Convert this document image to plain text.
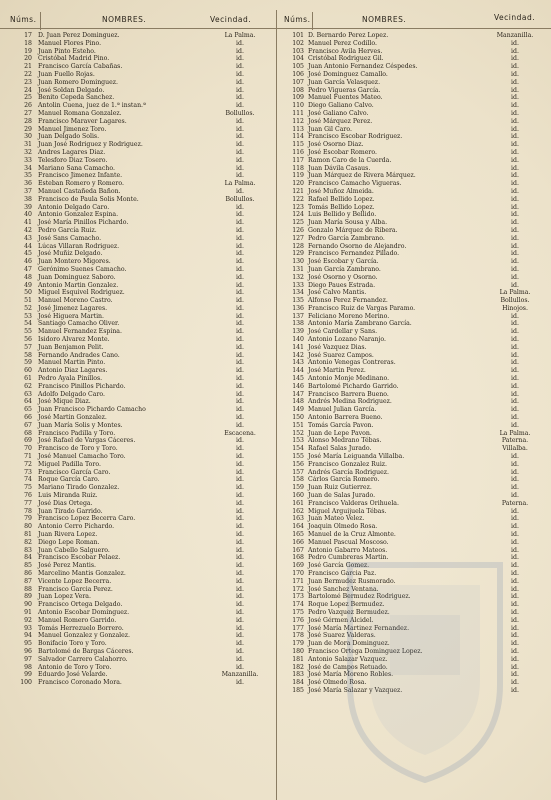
Núms.	NOMBRES.	Vecindad.
17 D. Juan Perez Dominguez.	La Palma.
18 Manuel Flores Pino.	id.
19 Juan Pinto Esteho.	id.
20 Cristóbal Madrid Pino.	id.
21 Francisco García Cabañas.	id.
22 Juan Fuello Rojas.	id.
23 Juan Romero Dominguez.	id.
24 José Soldan Delgado.	id.
25 Benito Cepeda Sanchez.	id.
26 Antolin Cuena, juez de 1.ª instan.ª	id.
27 Manuel Romana Gonzalez.	Bollullos.
28 Francisco Maraver Lagares.	id.
29 Manuel Jimenez Toro.	id.
30 Juan Delgado Solis.	id.
31 Juan José Rodriguez y Rodriguez.	id.
32 Andres Lagares Diaz.	id.
33 Telesforo Diaz Tosero.	id.
34 Mariano Sana Camacho.	id.
35 Francisco Jimenez Infante.	id.
36 Esteban Romero y Romero.	La Palma.
37 Manuel Castañeda Bañon.	id.
38 Francisco de Paula Solis Monte.	Bollullos.
39 Antonio Delgado Caro.	id.
40 Antonio Gonzalez Espina.	id.
41 José María Pinillos Pichardo.	id.
42 Pedro García Ruiz.	id.
43 José Sans Camacho.	id.
44 Lúcas Villaran Rodriguez.	id.
45 José Muñiz Delgado.	id.
46 Juan Montero Migores.	id.
47 Gerónimo Suenes Camacho.	id.
48 Juan Dominguez Saboro.	id.
49 Antonio Martin Gonzalez.	id.
50 Miguel Esquivel Rodriguez.	id.
51 Manuel Moreno Castro.	id.
52 José Jimenez Lagares.	id.
53 José Higuera Martin.	id.
54 Santiago Camacho Oliver.	id.
55 Manuel Fernandez Espina.	id.
56 Isidoro Alvarez Monte.	id.
57 Juan Benjamon Pelit.	id.
58 Fernando Andrades Cano.	id.
59 Manuel Martin Pinto.	id.
60 Antonio Diaz Lagares.	id.
61 Pedro Ayala Pinillos.	id.
62 Francisco Pinillos Pichardo.	id.
63 Adolfo Delgado Caro.	id.
64 José Mique Diaz.	id.
65 Juan Francisco Pichardo Camacho	id.
66 José Martin Gonzalez.	id.
67 Juan María Solis y Montes.	id.
68 Francisco Padilla y Toro.	Escacena.
69 José Rafael de Vargas Cáceres.	id.
70 Francisco de Toro y Toro.	id.
71 José Manuel Camacho Toro.	id.
72 Miguel Padilla Toro.	id.
73 Francisco García Caro.	id.
74 Roque García Caro.	id.
75 Mariano Tirado Gonzalez.	id.
76 Luis Miranda Ruiz.	id.
77 José Dias Ortega.	id.
78 Juan Tirado Garrido.	id.
79 Francisco Lopez Becerra Caro.	id.
80 Antonio Cerro Pichardo.	id.
81 Juan Rivera Lopez.	id.
82 Diego Lepe Roman.	id.
83 Juan Cabello Salguero.	id.
84 Francisco Escobar Pelaez.	id.
85 José Perez Mantis.	id.
86 Marcelino Mantis Gonzalez.	id.
87 Vicente Lopez Becerra.	id.
88 Francisco Garcia Perez.	id.
89 Juan Lopez Vera.	id.
90 Francisco Ortega Delgado.	id.
91 Antonio Escobar Dominguez.	id.
92 Manuel Romero Garrido.	id.
93 Tomás Herrezuelo Borrero.	id.
94 Manuel Gonzalez y Gonzalez.	id.
95 Bonifacio Toro y Toro.	id.
96 Bartolomé de Bargas Cáceres.	id.
97 Salvador Carrero Calahorro.	id.
98 Antonio de Toro y Toro.	id.
99 Eduardo José Velarde.	Manzanilla.
100 Francisco Coronado Mora.	id.
Núms.	NOMBRES.	Vecindad.
101 D. Bernardo Perez Lopez.	Manzanilla.
102 Manuel Perez Codillo.	id.
103 Francisco Avila Herves.	id.
104 Cristóbal Rodriguez Gil.	id.
105 Juan Antonio Fernandez Céspedes.	id.
106 José Dominguez Camallo.	id.
107 Juan García Velasquez.	id.
108 Pedro Vigueras García.	id.
109 Manuel Fuentes Mateo.	id.
110 Diego Galiano Calvo.	id.
111 José Galiano Calvo.	id.
112 José Márquez Perez.	id.
113 Juan Gil Caro.	id.
114 Francisco Escobar Rodriguez.	id.
115 José Osorno Diaz.	id.
116 José Escobar Romero.	id.
117 Ramon Caro de la Cuerda.	id.
118 Juan Dávila Casaus.	id.
119 Juan Márquez de Rivera Márquez.	id.
120 Francisco Camacho Vigueras.	id.
121 José Muñoz Almeida.	id.
122 Rafael Bellido Lopez.	id.
123 Tomás Bellido Lopez.	id.
124 Luis Bellido y Bellido.	id.
125 Juan María Sousa y Alba.	id.
126 Gonzalo Márquez de Ribera.	id.
127 Pedro García Zambrano.	id.
128 Fernando Osorno de Alejandro.	id.
129 Francisco Fernandez Pillado.	id.
130 José Escobar y García.	id.
131 Juan García Zambrano.	id.
132 José Osorno y Osorno.	id.
133 Diego Paues Estrada.	id.
134 José Calvo Mantis.	La Palma.
135 Alfonso Perez Fernandez.	Bollullos.
136 Francisco Ruiz de Vargas Paramo.	Hinojos.
137 Feliciano Moreno Merino.	id.
138 Antonio María Zambrano García.	id.
139 José Cardellar y Sans.	id.
140 Antonio Lozano Naranjo.	id.
141 José Vazquez Dias.	id.
142 José Suarez Campos.	id.
143 Antonio Venegas Contreras.	id.
144 José Martin Perez.	id.
145 Antonio Monje Medinano.	id.
146 Bartolomé Pichardo Garrido.	id.
147 Francisco Barrera Bueno.	id.
148 Andrés Medina Rodriguez.	id.
149 Manuel Julian García.	id.
150 Antonio Barrera Bueno.	id.
151 Tomás García Pavon.	id.
152 Juan de Lepe Pavon.	La Palma.
153 Alonso Medrano Tébas.	Paterna.
154 Rafael Salas Jurado.	Villalba.
155 José María Leiguanda Villalba.	id.
156 Francisco Gonzalez Ruiz.	id.
157 Andrés García Rodriguez.	id.
158 Cárlos García Romero.	id.
159 Juan Ruiz Gutierrez.	id.
160 Juan de Salas Jurado.	id.
161 Francisco Valderas Orihuela.	Paterna.
162 Miguel Arguijuela Tébas.	id.
163 Juan Mateo Velez.	id.
164 Joaquin Olmedo Rosa.	id.
165 Manuel de la Cruz Almonte.	id.
166 Manuel Pascual Moscoso.	id.
167 Antonio Gabarro Mateos.	id.
168 Pedro Cumbreras Martin.	id.
169 José García Gomez.	id.
170 Francisco Garcia Paz.	id.
171 Juan Bermudez Rusmorado.	id.
172 José Sanchez Ventana.	id.
173 Bartolomé Bermudez Rodriguez.	id.
174 Roque Lopez Bermudez.	id.
175 Pedro Vazquez Bermudez.	id.
176 José Gérmen Alcidel.	id.
177 José María Martinez Fernandez.	id.
178 José Suarez Valderas.	id.
179 Juan de Mora Dominguez.	id.
180 Francisco Ortega Dominguez Lopez.	id.
181 Antonio Salazar Vazquez.	id.
182 José de Campos Retuado.	id.
183 José María Moreno Robles.	id.
184 José Olmedo Rosa.	id.
185 José María Salazar y Vazquez.	id.
